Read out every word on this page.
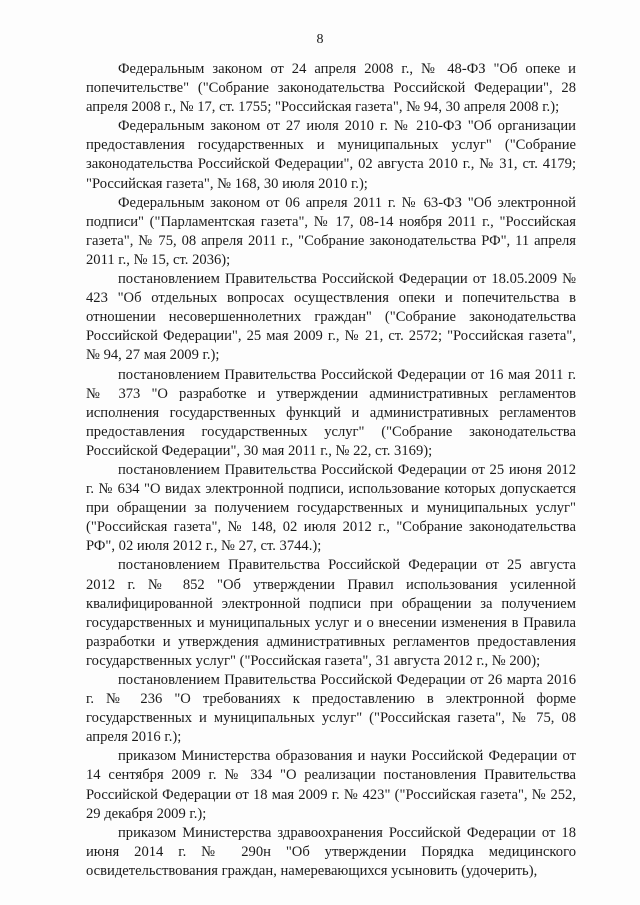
8

Федеральным законом от 24 апреля 2008 г., № 48-ФЗ "Об опеке и попечительстве" ("Собрание законодательства Российской Федерации", 28 апреля 2008 г., № 17, ст. 1755; "Российская газета", № 94, 30 апреля 2008 г.);

Федеральным законом от 27 июля 2010 г. № 210-ФЗ "Об организации предоставления государственных и муниципальных услуг" ("Собрание законодательства Российской Федерации", 02 августа 2010 г., № 31, ст. 4179; "Российская газета", № 168, 30 июля 2010 г.);

Федеральным законом от 06 апреля 2011 г. № 63-ФЗ "Об электронной подписи" ("Парламентская газета", № 17, 08-14 ноября 2011 г., "Российская газета", № 75, 08 апреля 2011 г., "Собрание законодательства РФ", 11 апреля 2011 г., № 15, ст. 2036);

постановлением Правительства Российской Федерации от 18.05.2009 № 423 "Об отдельных вопросах осуществления опеки и попечительства в отношении несовершеннолетних граждан" ("Собрание законодательства Российской Федерации", 25 мая 2009 г., № 21, ст. 2572; "Российская газета", № 94, 27 мая 2009 г.);

постановлением Правительства Российской Федерации от 16 мая 2011 г. № 373 "О разработке и утверждении административных регламентов исполнения государственных функций и административных регламентов предоставления государственных услуг" ("Собрание законодательства Российской Федерации", 30 мая 2011 г., № 22, ст. 3169);

постановлением Правительства Российской Федерации от 25 июня 2012 г. № 634 "О видах электронной подписи, использование которых допускается при обращении за получением государственных и муниципальных услуг" ("Российская газета", № 148, 02 июля 2012 г., "Собрание законодательства РФ", 02 июля 2012 г., № 27, ст. 3744.);

постановлением Правительства Российской Федерации от 25 августа 2012 г. № 852 "Об утверждении Правил использования усиленной квалифицированной электронной подписи при обращении за получением государственных и муниципальных услуг и о внесении изменения в Правила разработки и утверждения административных регламентов предоставления государственных услуг" ("Российская газета", 31 августа 2012 г., № 200);

постановлением Правительства Российской Федерации от 26 марта 2016 г. № 236 "О требованиях к предоставлению в электронной форме государственных и муниципальных услуг" ("Российская газета", № 75, 08 апреля 2016 г.);

приказом Министерства образования и науки Российской Федерации от 14 сентября 2009 г. № 334 "О реализации постановления Правительства Российской Федерации от 18 мая 2009 г. № 423" ("Российская газета", № 252, 29 декабря 2009 г.);

приказом Министерства здравоохранения Российской Федерации от 18 июня 2014 г. № 290н "Об утверждении Порядка медицинского освидетельствования граждан, намеревающихся усыновить (удочерить),
